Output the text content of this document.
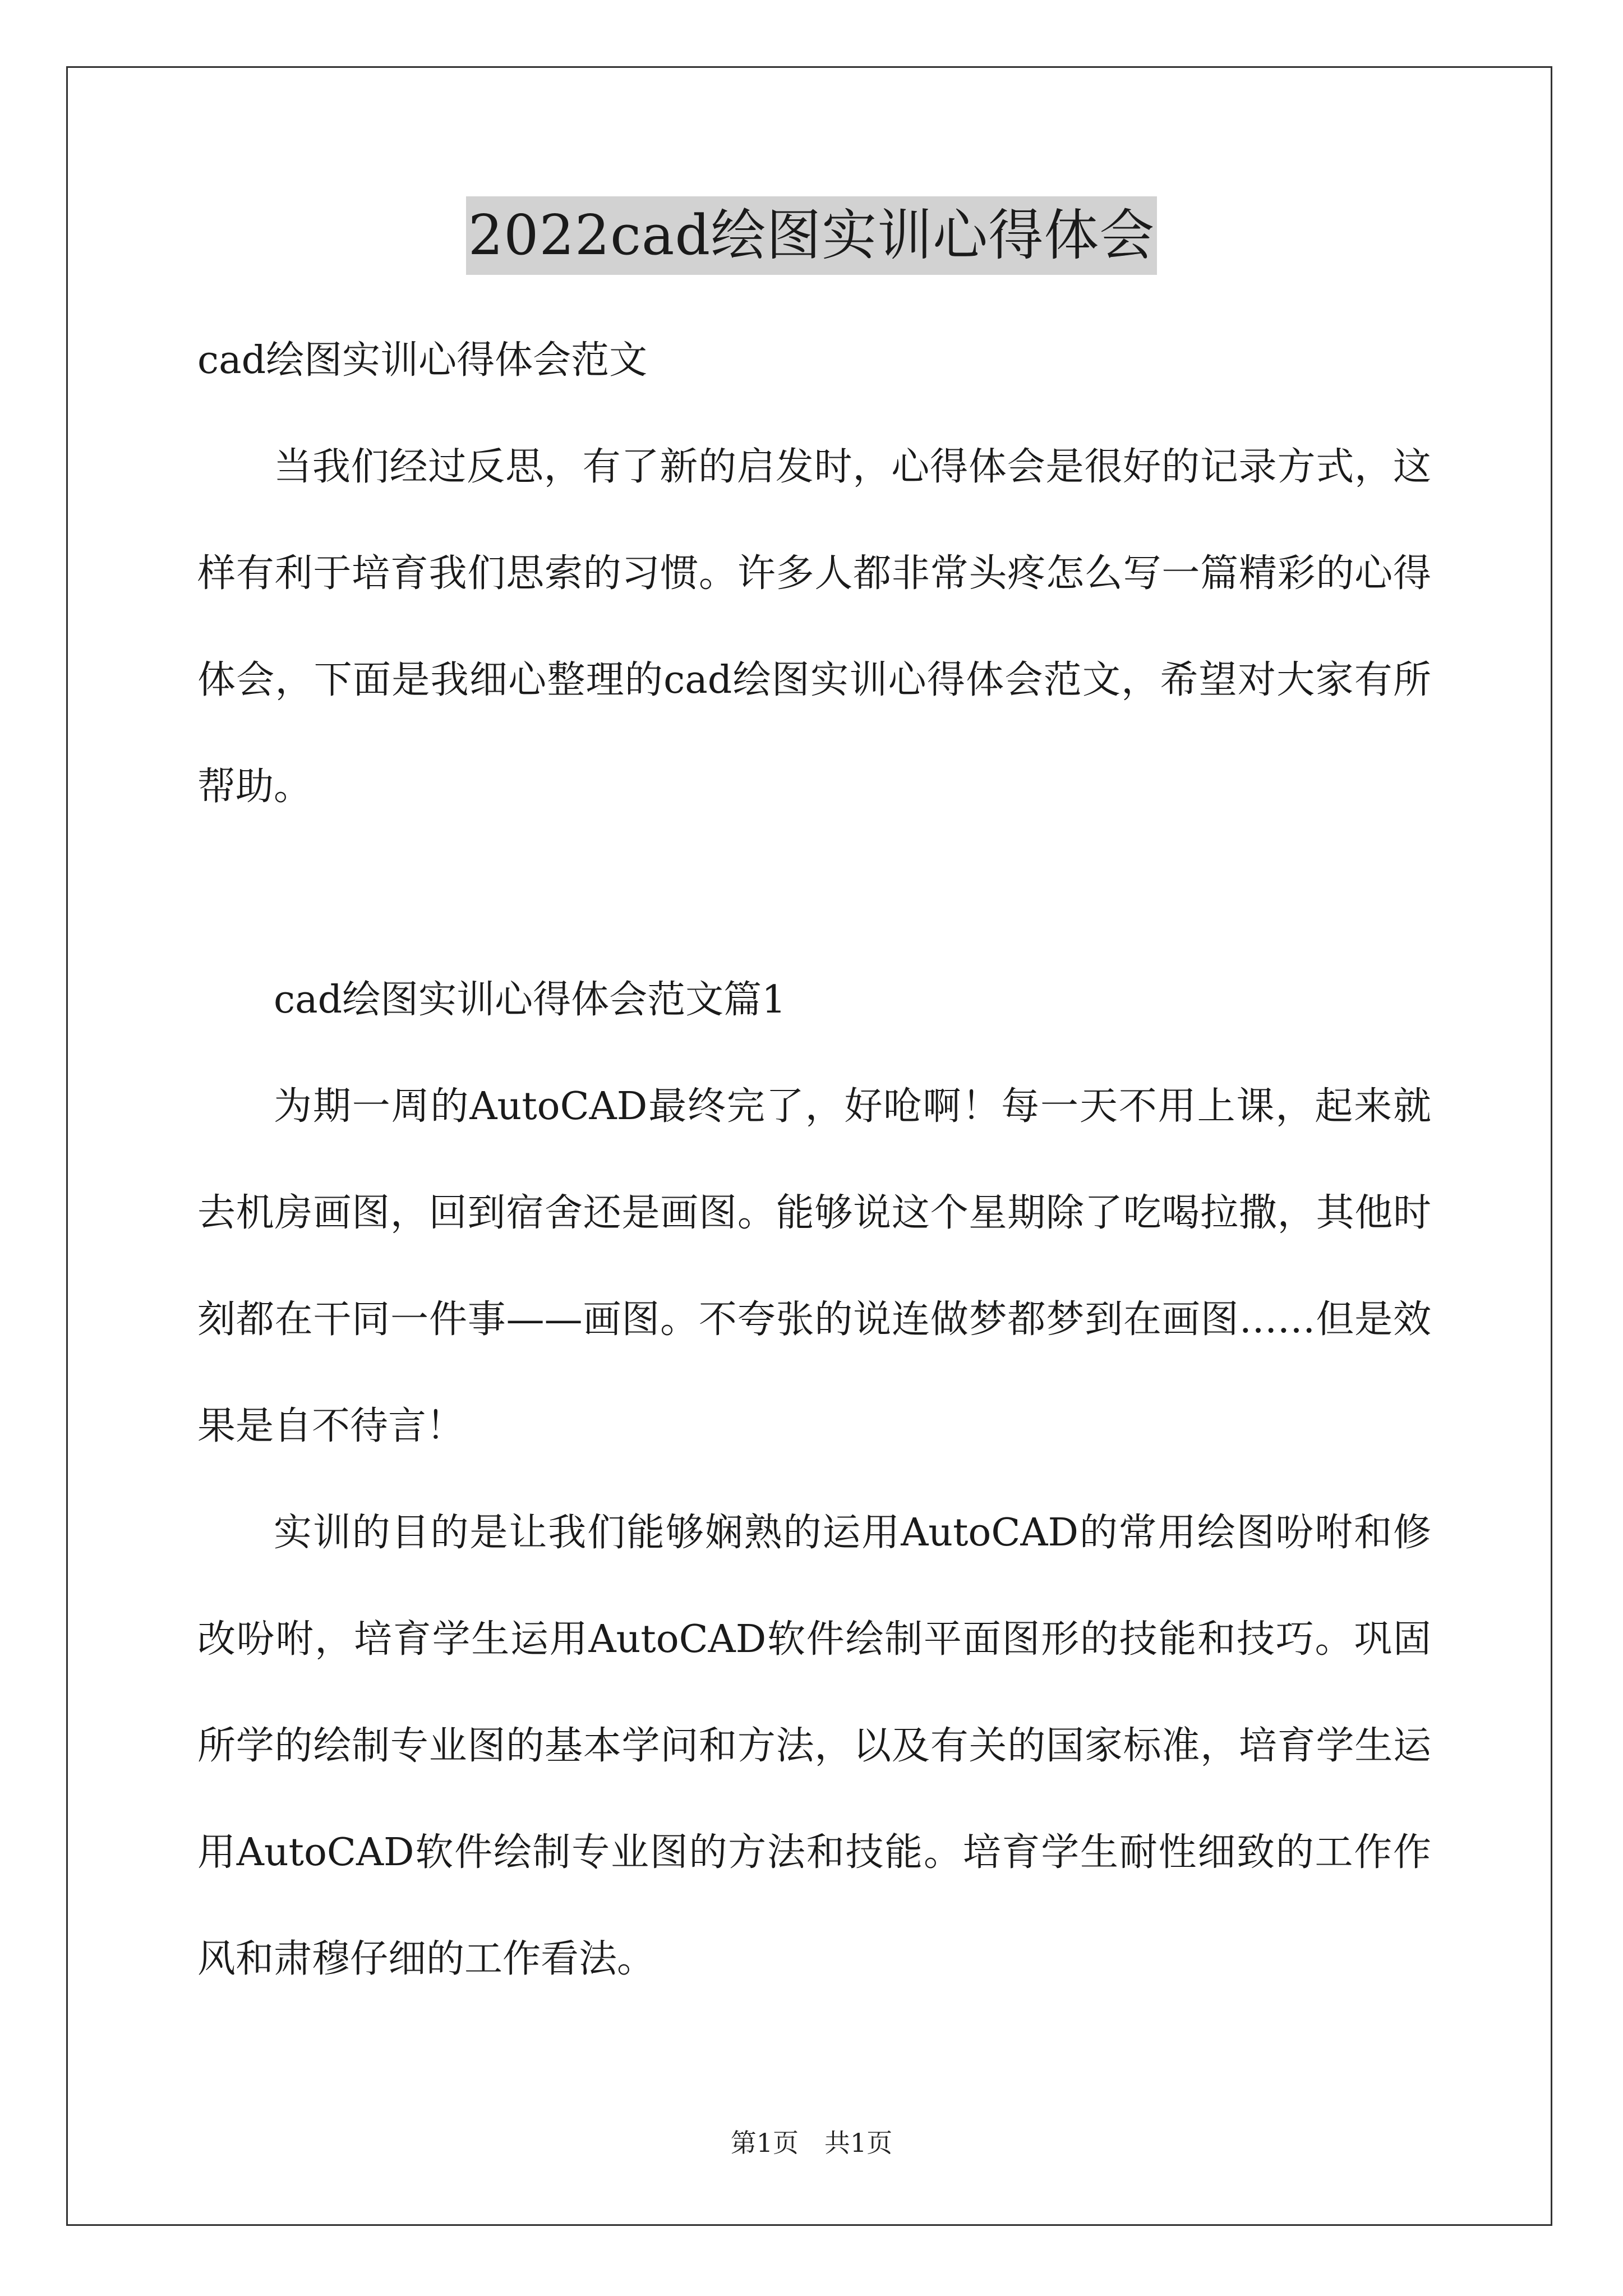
2022cad绘图实训心得体会

cad绘图实训心得体会范文

当我们经过反思，有了新的启发时，心得体会是很好的记录方式，这样有利于培育我们思索的习惯。许多人都非常头疼怎么写一篇精彩的心得体会，下面是我细心整理的cad绘图实训心得体会范文，希望对大家有所帮助。

cad绘图实训心得体会范文篇1

为期一周的AutoCAD最终完了，好呛啊！每一天不用上课，起来就去机房画图，回到宿舍还是画图。能够说这个星期除了吃喝拉撒，其他时刻都在干同一件事——画图。不夸张的说连做梦都梦到在画图……但是效果是自不待言！

实训的目的是让我们能够娴熟的运用AutoCAD的常用绘图吩咐和修改吩咐，培育学生运用AutoCAD软件绘制平面图形的技能和技巧。巩固所学的绘制专业图的基本学问和方法，以及有关的国家标准，培育学生运用AutoCAD软件绘制专业图的方法和技能。培育学生耐性细致的工作作风和肃穆仔细的工作看法。

第1页　共1页
